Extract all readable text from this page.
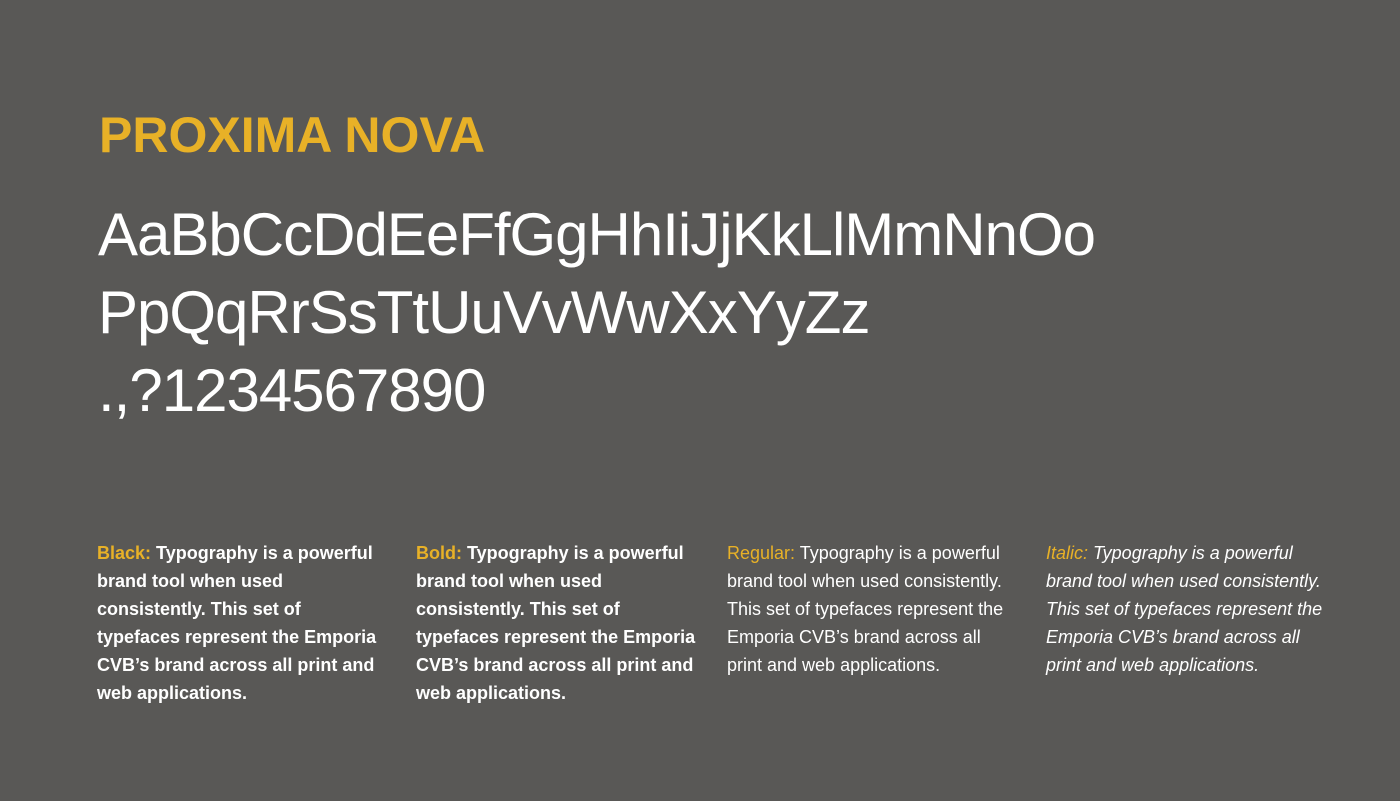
PROXIMA NOVA
AaBbCcDdEeFfGgHhIiJjKkLlMmNnOo
PpQqRrSsTtUuVvWwXxYyZz
.,?1234567890
Black: Typography is a powerful brand tool when used consistently. This set of typefaces represent the Emporia CVB’s brand across all print and web applications.
Bold: Typography is a powerful brand tool when used consistently. This set of typefaces represent the Emporia CVB’s brand across all print and web applications.
Regular: Typography is a powerful brand tool when used consistently. This set of typefaces represent the Emporia CVB’s brand across all print and web applications.
Italic: Typography is a powerful brand tool when used consistently. This set of typefaces represent the Emporia CVB’s brand across all print and web applications.
